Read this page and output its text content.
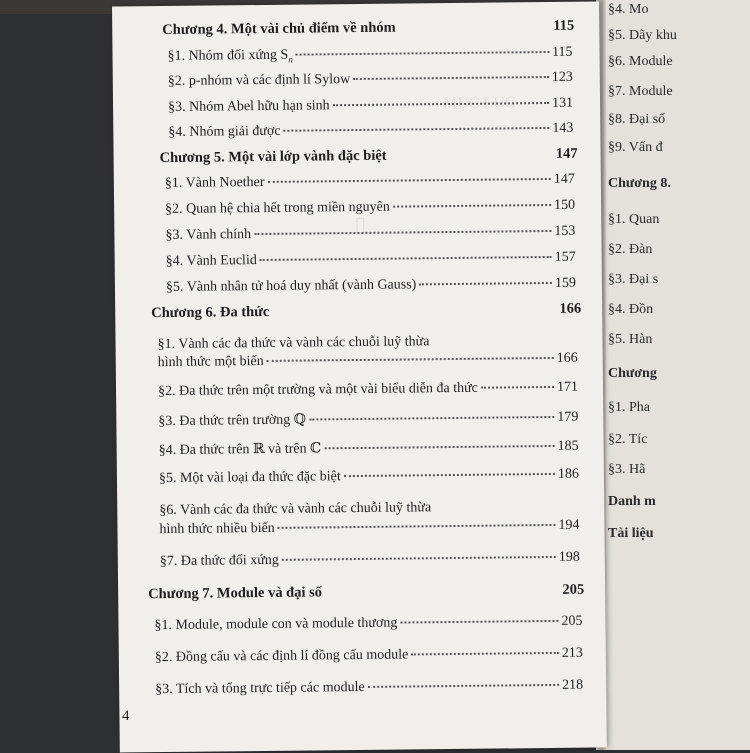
§4. Mo
§5. Dãy khu
§6. Module
§7. Module
§8. Đại số
§9. Vấn đ
Chương 8.
§1. Quan
§2. Đàn
§3. Đại s
§4. Đồn
§5. Hàn
Chương
§1. Pha
§2. Tíc
§3. Hã
Danh m
Tài liệu
MỤC LỤC
▯
Chương 4. Một vài chủ điểm về nhóm	115
§1. Nhóm đối xứng $S_n$	115
§2. p-nhóm và các định lí Sylow	123
§3. Nhóm Abel hữu hạn sinh	131
§4. Nhóm giải được	143
Chương 5. Một vài lớp vành đặc biệt	147
§1. Vành Noether	147
§2. Quan hệ chia hết trong miền nguyên	150
§3. Vành chính	153
§4. Vành Euclid	157
§5. Vành nhân tử hoá duy nhất (vành Gauss)	159
Chương 6. Đa thức	166
§1. Vành các đa thức và vành các chuỗi luỹ thừa
hình thức một biến	166
§2. Đa thức trên một trường và một vài biểu diễn đa thức	171
§3. Đa thức trên trường ℚ	179
§4. Đa thức trên ℝ và trên ℂ	185
§5. Một vài loại đa thức đặc biệt	186
§6. Vành các đa thức và vành các chuỗi luỹ thừa
hình thức nhiều biến	194
§7. Đa thức đối xứng	198
Chương 7. Module và đại số	205
§1. Module, module con và module thương	205
§2. Đồng cấu và các định lí đồng cấu module	213
§3. Tích và tổng trực tiếp các module	218
4
